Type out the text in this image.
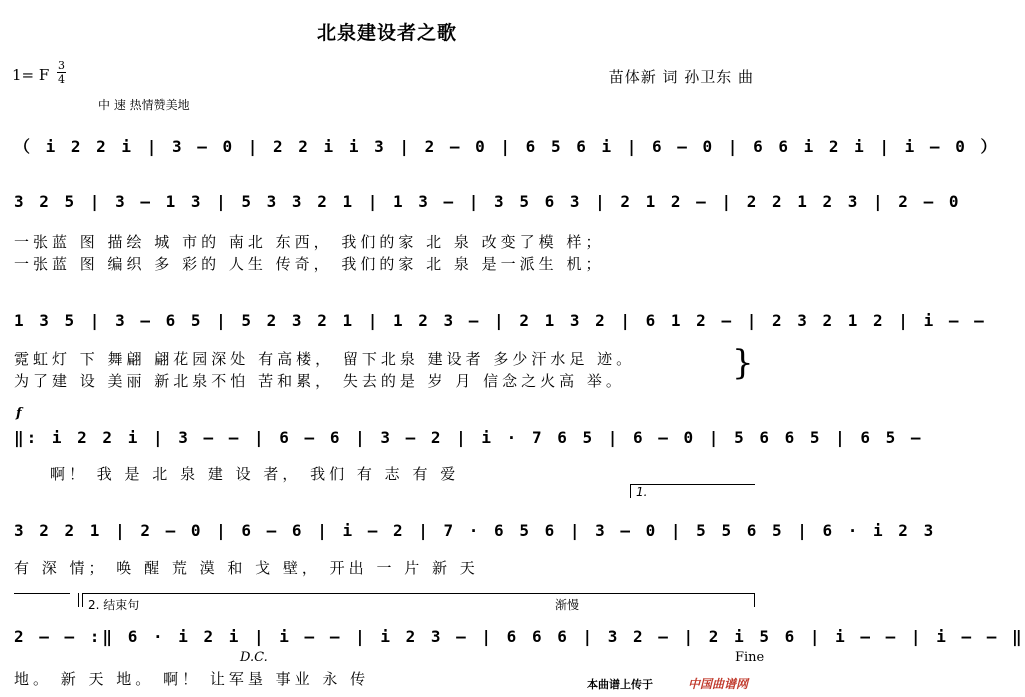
北泉建设者之歌
1= F
3
4	苗体新 词 孙卫东 曲
中 速 热情赞美地
（ i 2 2 i | 3 — 0 | 2 2 i i 3 | 2 — 0 | 6 5 6 i | 6 — 0 | 6 6 i 2 i | i — 0 ）
3 2 5 | 3 — 1 3 | 5 3 3 2 1 | 1 3 — | 3 5 6 3 | 2 1 2 — | 2 2 1 2 3 | 2 — 0
一张蓝 图 描绘 城 市的 南北 东西， 我们的家 北 泉 改变了模 样；
一张蓝 图 编织 多 彩的 人生 传奇， 我们的家 北 泉 是一派生 机；
1 3 5 | 3 — 6 5 | 5 2 3 2 1 | 1 2 3 — | 2 1 3 2 | 6 1 2 — | 2 3 2 1 2 | i — —
霓虹灯 下 舞翩 翩花园深处 有高楼， 留下北泉 建设者 多少汗水足 迹。
为了建 设 美丽 新北泉不怕 苦和累， 失去的是 岁 月 信念之火高 举。	}
f
‖: i 2 2 i | 3 — — | 6 — 6 | 3 — 2 | i · 7 6 5 | 6 — 0 | 5 6 6 5 | 6 5 —
啊！ 我 是 北 泉 建 设 者， 我们 有 志 有 爱
1.
3 2 2 1 | 2 — 0 | 6 — 6 | i — 2 | 7 · 6 5 6 | 3 — 0 | 5 5 6 5 | 6 · i 2 3
有 深 情； 唤 醒 荒 漠 和 戈 壁， 开出 一 片 新 天
2. 结束句	渐慢
2 — — :‖ 6 · i 2 i | i — — | i 2 3 — | 6 6 6 | 3 2 — | 2 i 5 6 | i — — | i — — ‖
D.C.	Fine
地。 新 天 地。 啊！ 让军垦 事业 永 传	本曲谱上传于	中国曲谱网
